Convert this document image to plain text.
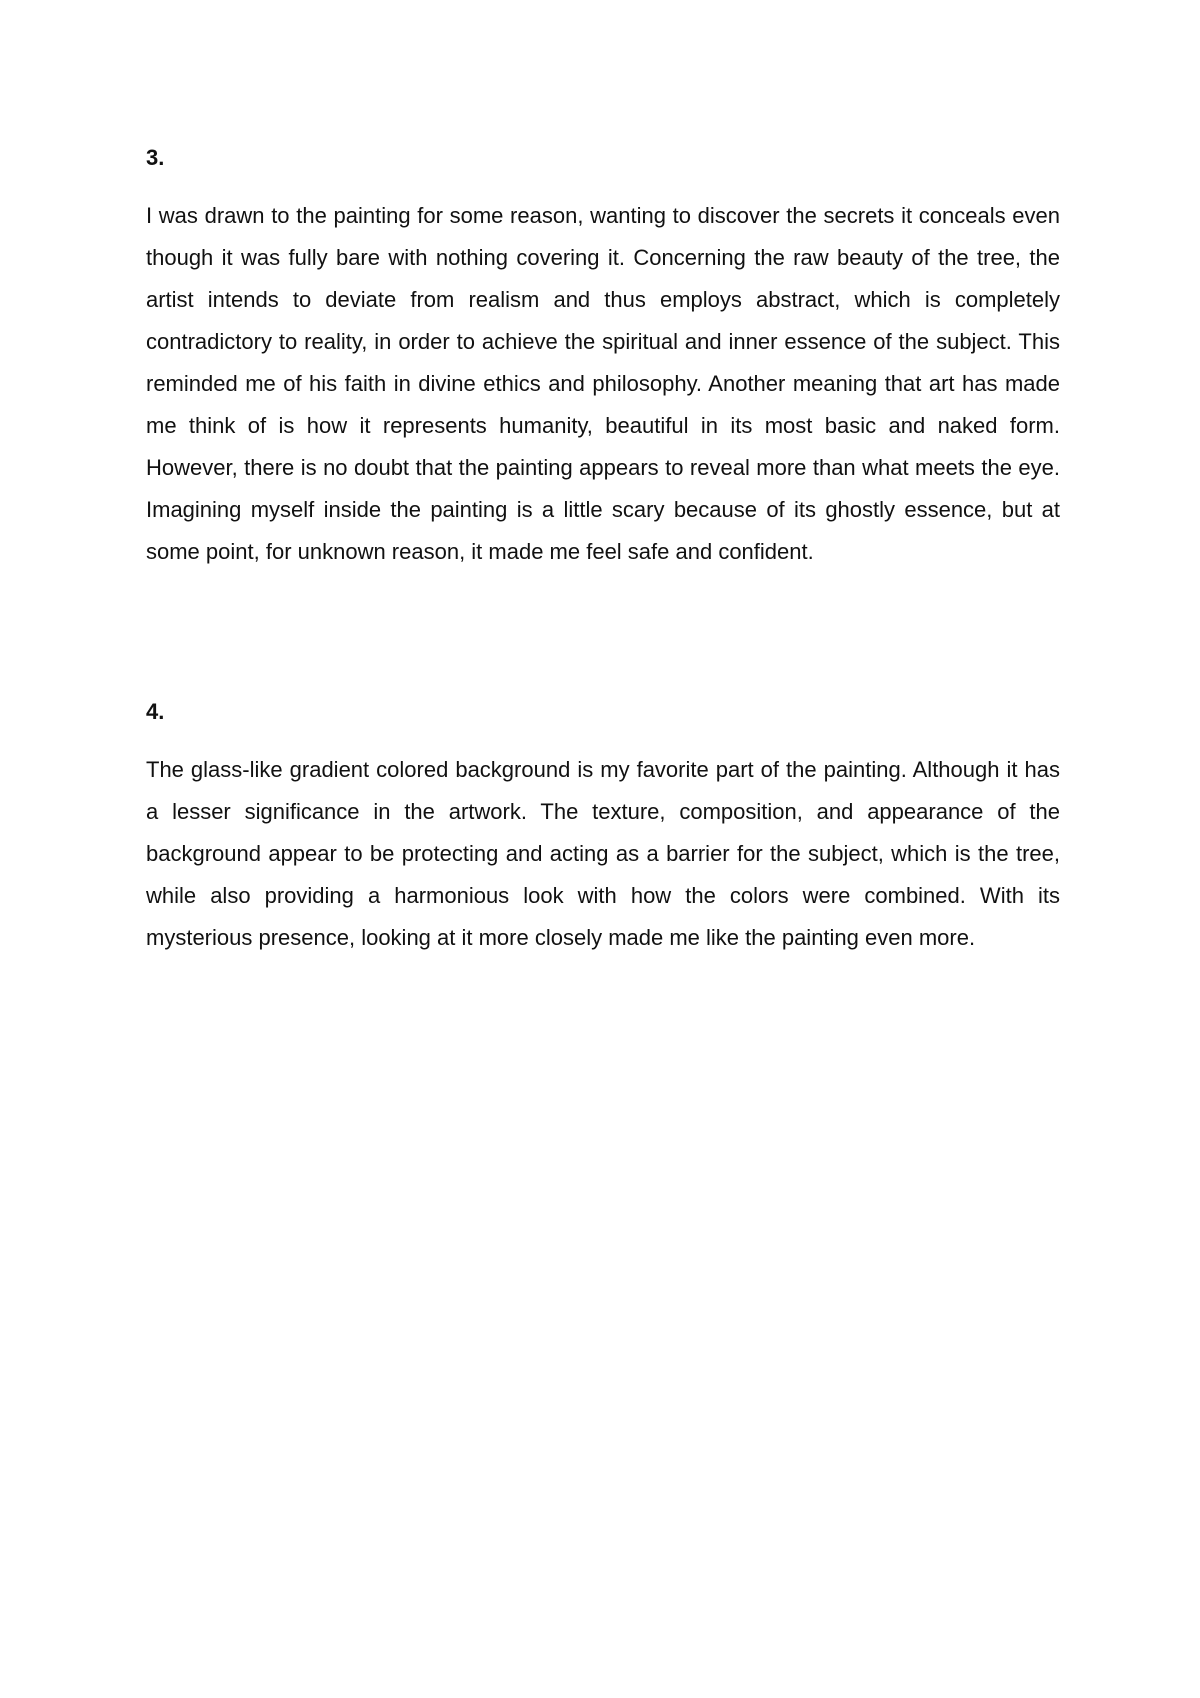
3.

I was drawn to the painting for some reason, wanting to discover the secrets it conceals even though it was fully bare with nothing covering it. Concerning the raw beauty of the tree, the artist intends to deviate from realism and thus employs abstract, which is completely contradictory to reality, in order to achieve the spiritual and inner essence of the subject. This reminded me of his faith in divine ethics and philosophy. Another meaning that art has made me think of is how it represents humanity, beautiful in its most basic and naked form. However, there is no doubt that the painting appears to reveal more than what meets the eye. Imagining myself inside the painting is a little scary because of its ghostly essence, but at some point, for unknown reason, it made me feel safe and confident.

4.

The glass-like gradient colored background is my favorite part of the painting. Although it has a lesser significance in the artwork. The texture, composition, and appearance of the background appear to be protecting and acting as a barrier for the subject, which is the tree, while also providing a harmonious look with how the colors were combined. With its mysterious presence, looking at it more closely made me like the painting even more.
